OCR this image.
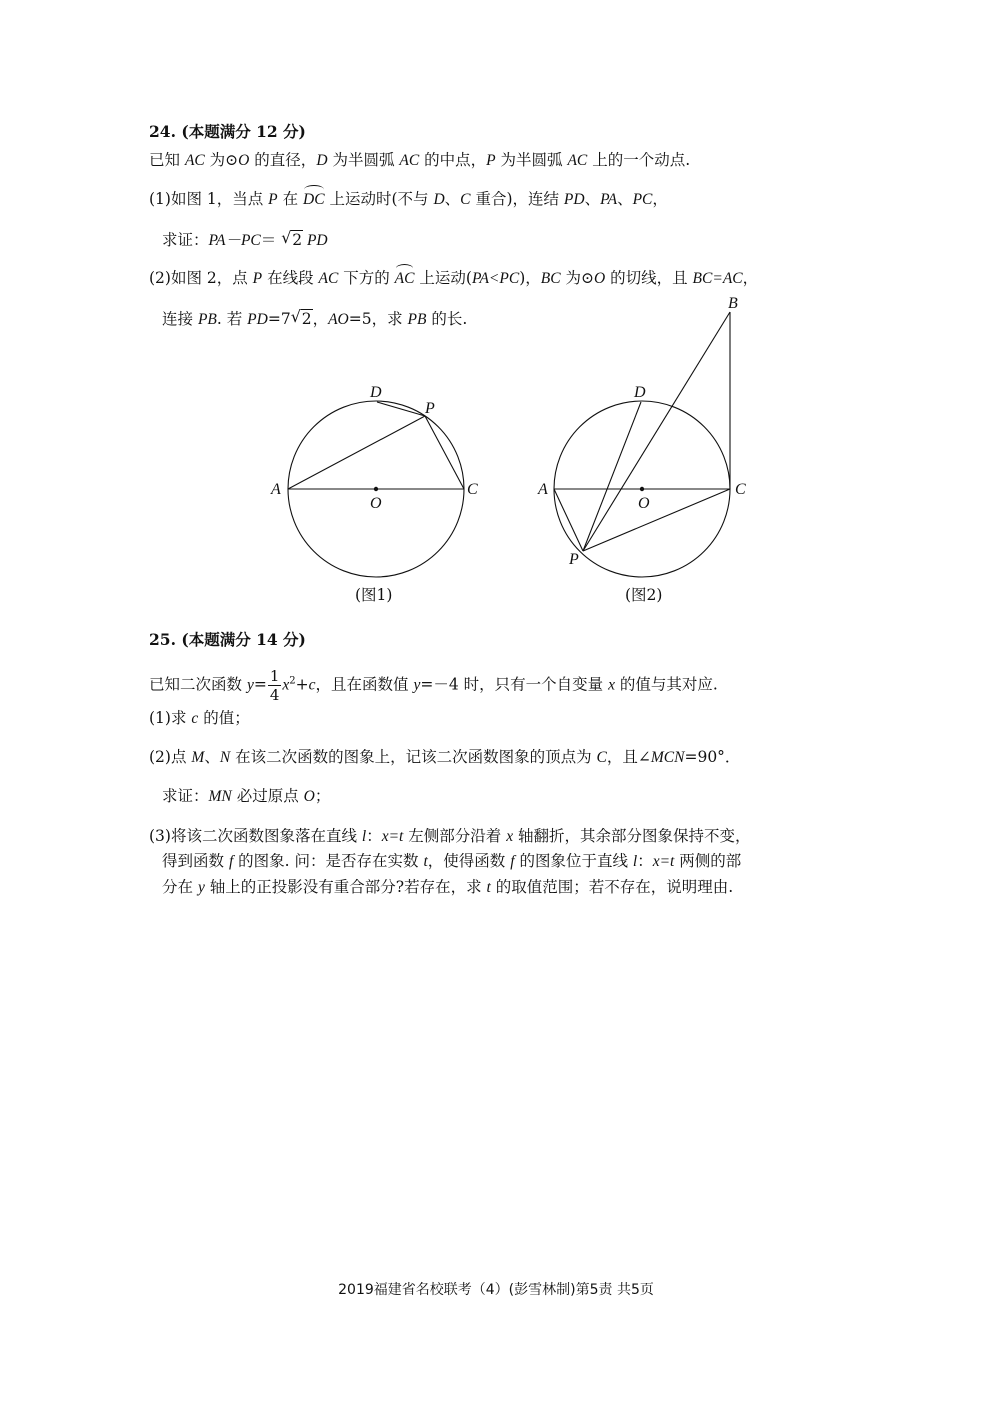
24. (本题满分 12 分)
已知 AC 为⊙O 的直径，D 为半圆弧 AC 的中点，P 为半圆弧 AC 上的一个动点.
(1)如图 1，当点 P 在 DC 上运动时(不与 D、C 重合)，连结 PD、PA、PC，
求证：PA－PC＝ √ 2 PD
(2)如图 2，点 P 在线段 AC 下方的 AC 上运动(PA<PC)，BC 为⊙O 的切线，且 BC=AC，
连接 PB. 若 PD=7 √ 2，AO=5，求 PB 的长.
A	C
D
P
O
(图1)
A	C
D
P
O
B
(图2)
25. (本题满分 14 分)
已知二次函数 $y= \frac{1}{4} x^2+c$，且在函数值 y=－4 时，只有一个自变量 x 的值与其对应.
(1)求 c 的值；
(2)点 M、N 在该二次函数的图象上，记该二次函数图象的顶点为 C，且∠MCN=90°．
求证：MN 必过原点 O；
(3)将该二次函数图象落在直线 l：x=t 左侧部分沿着 x 轴翻折，其余部分图象保持不变，
得到函数 f 的图象. 问：是否存在实数 t，使得函数 f 的图象位于直线 l：x=t 两侧的部
分在 y 轴上的正投影没有重合部分?若存在，求 t 的取值范围；若不存在，说明理由.
2019福建省名校联考（4）(彭雪林制)第5责 共5页
